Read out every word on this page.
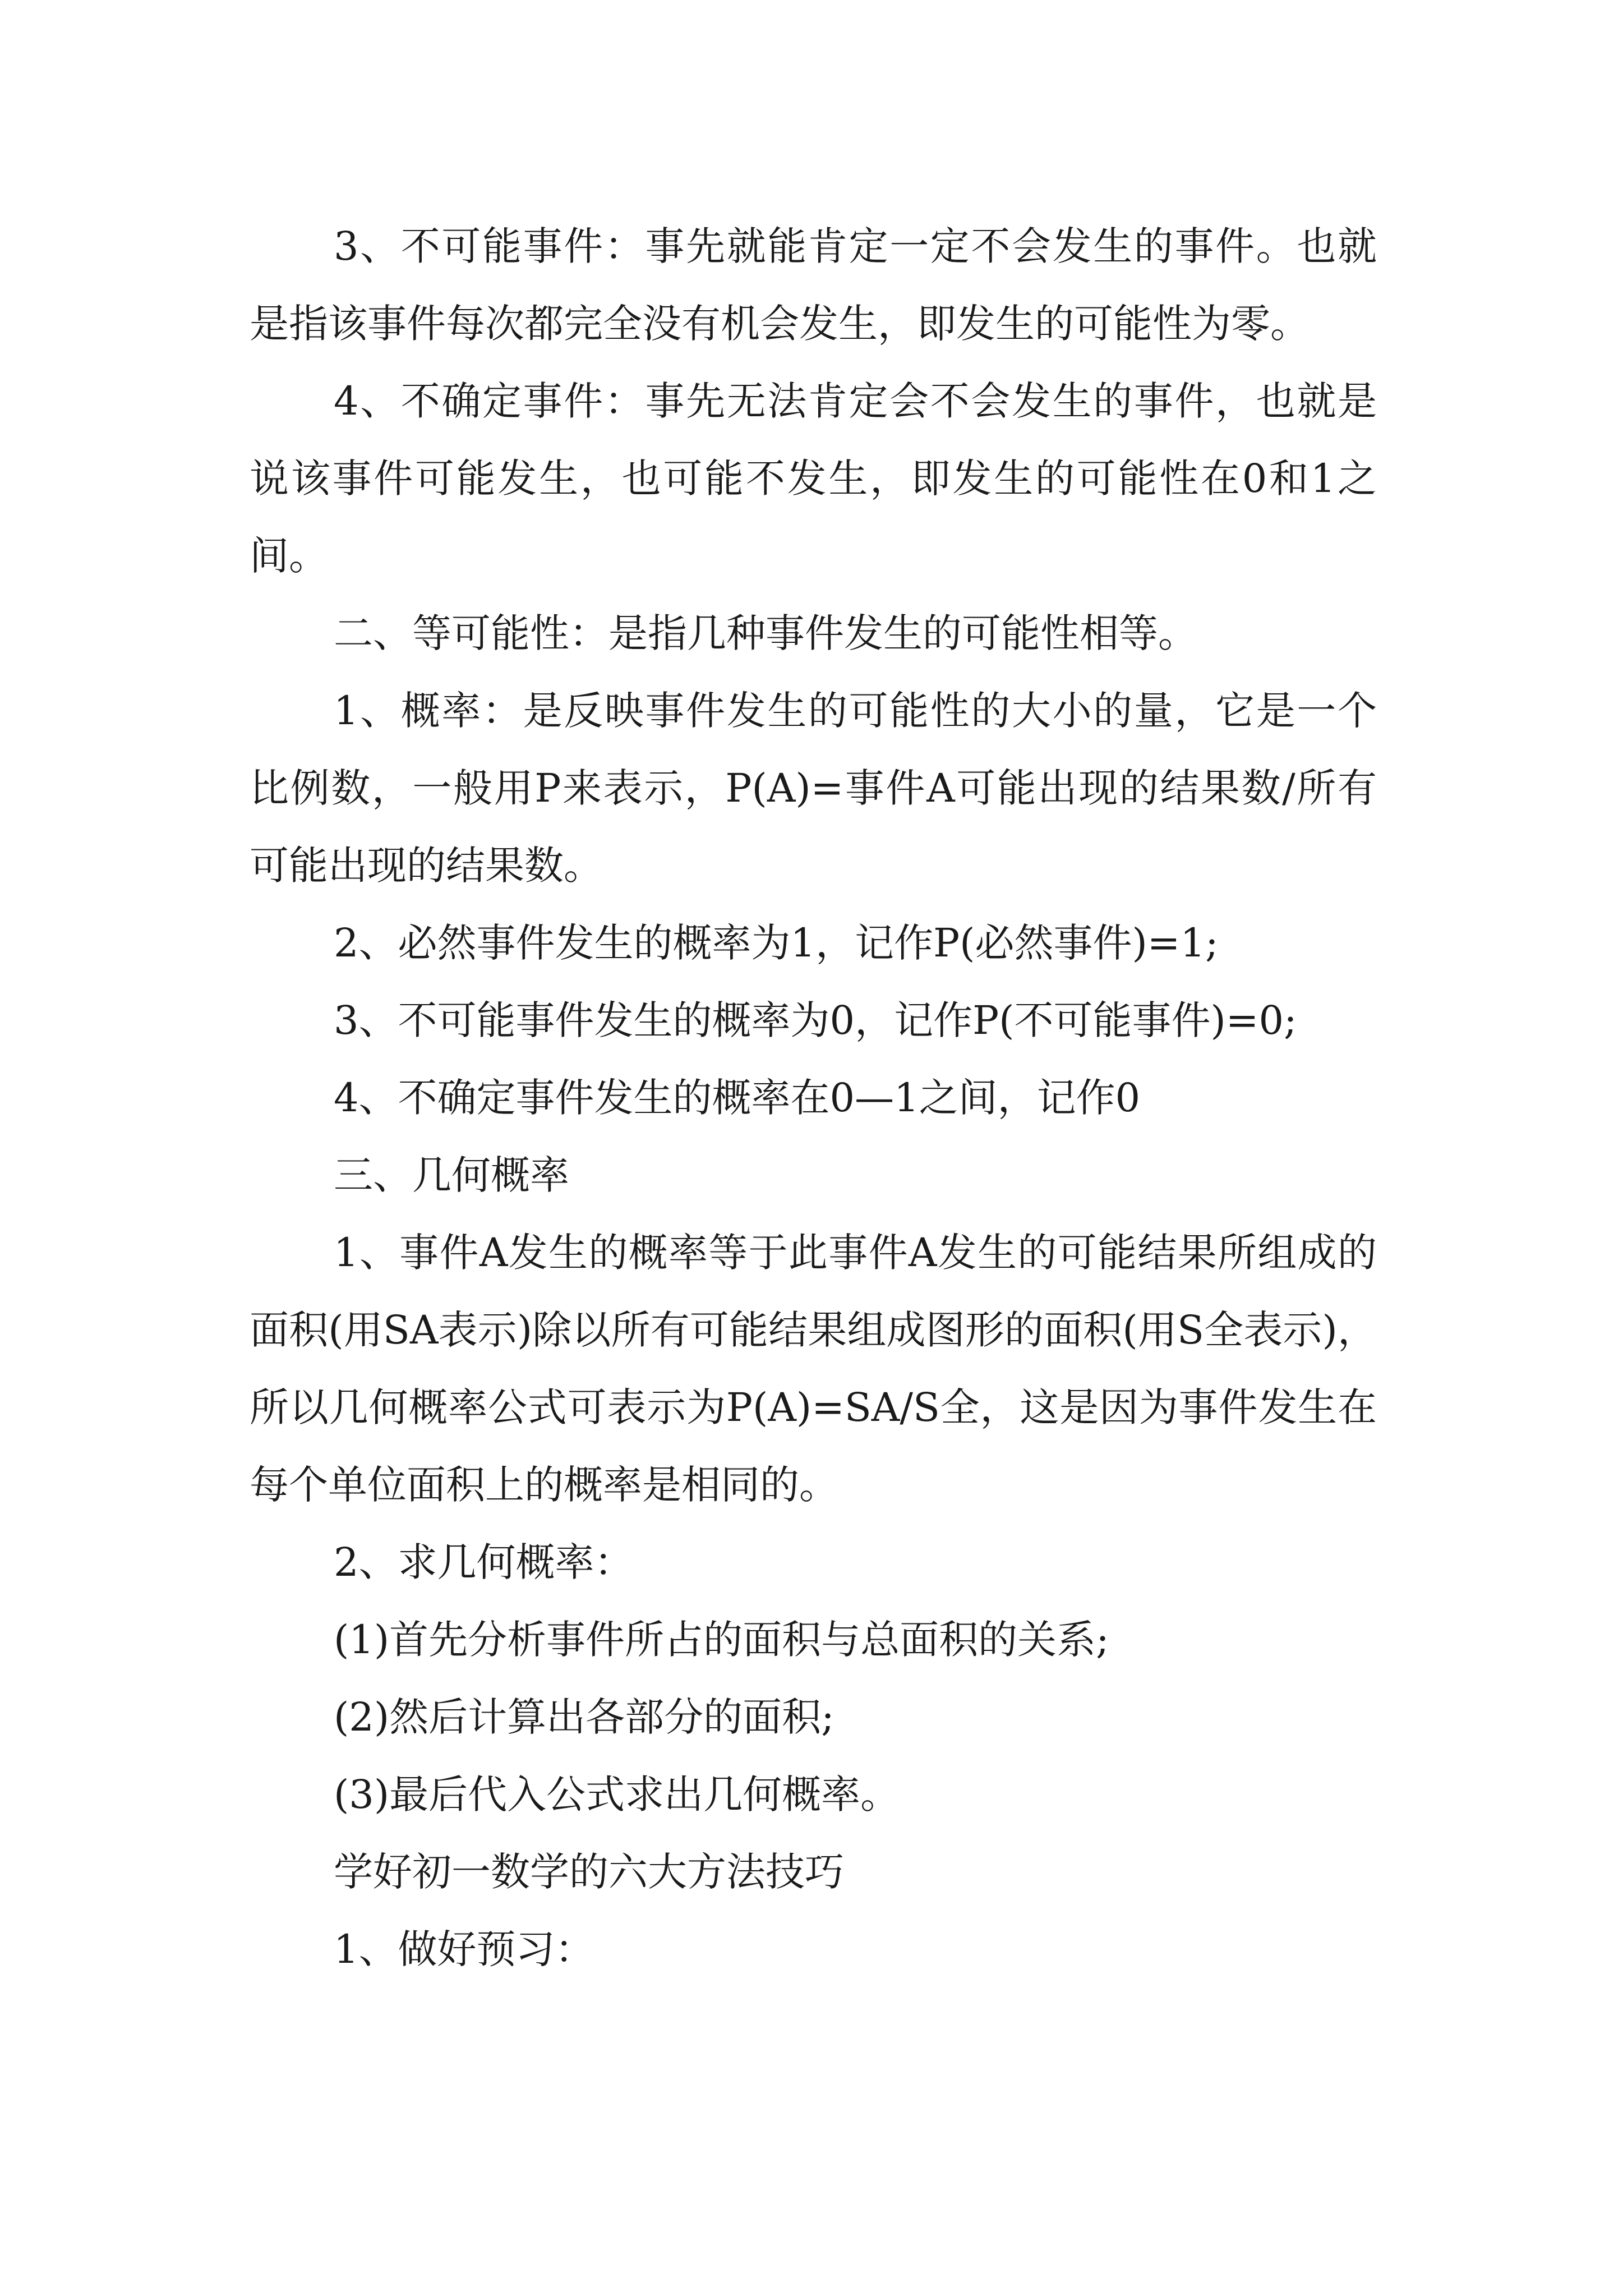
3、不可能事件：事先就能肯定一定不会发生的事件。也就是指该事件每次都完全没有机会发生，即发生的可能性为零。

4、不确定事件：事先无法肯定会不会发生的事件，也就是说该事件可能发生，也可能不发生，即发生的可能性在0和1之间。

二、等可能性：是指几种事件发生的可能性相等。

1、概率：是反映事件发生的可能性的大小的量，它是一个比例数，一般用P来表示，P(A)=事件A可能出现的结果数/所有可能出现的结果数。

2、必然事件发生的概率为1，记作P(必然事件)=1;

3、不可能事件发生的概率为0，记作P(不可能事件)=0;

4、不确定事件发生的概率在0—1之间，记作0

三、几何概率

1、事件A发生的概率等于此事件A发生的可能结果所组成的面积(用SA表示)除以所有可能结果组成图形的面积(用S全表示)，所以几何概率公式可表示为P(A)=SA/S全，这是因为事件发生在每个单位面积上的概率是相同的。

2、求几何概率：

(1)首先分析事件所占的面积与总面积的关系;

(2)然后计算出各部分的面积;

(3)最后代入公式求出几何概率。

学好初一数学的六大方法技巧

1、做好预习：
